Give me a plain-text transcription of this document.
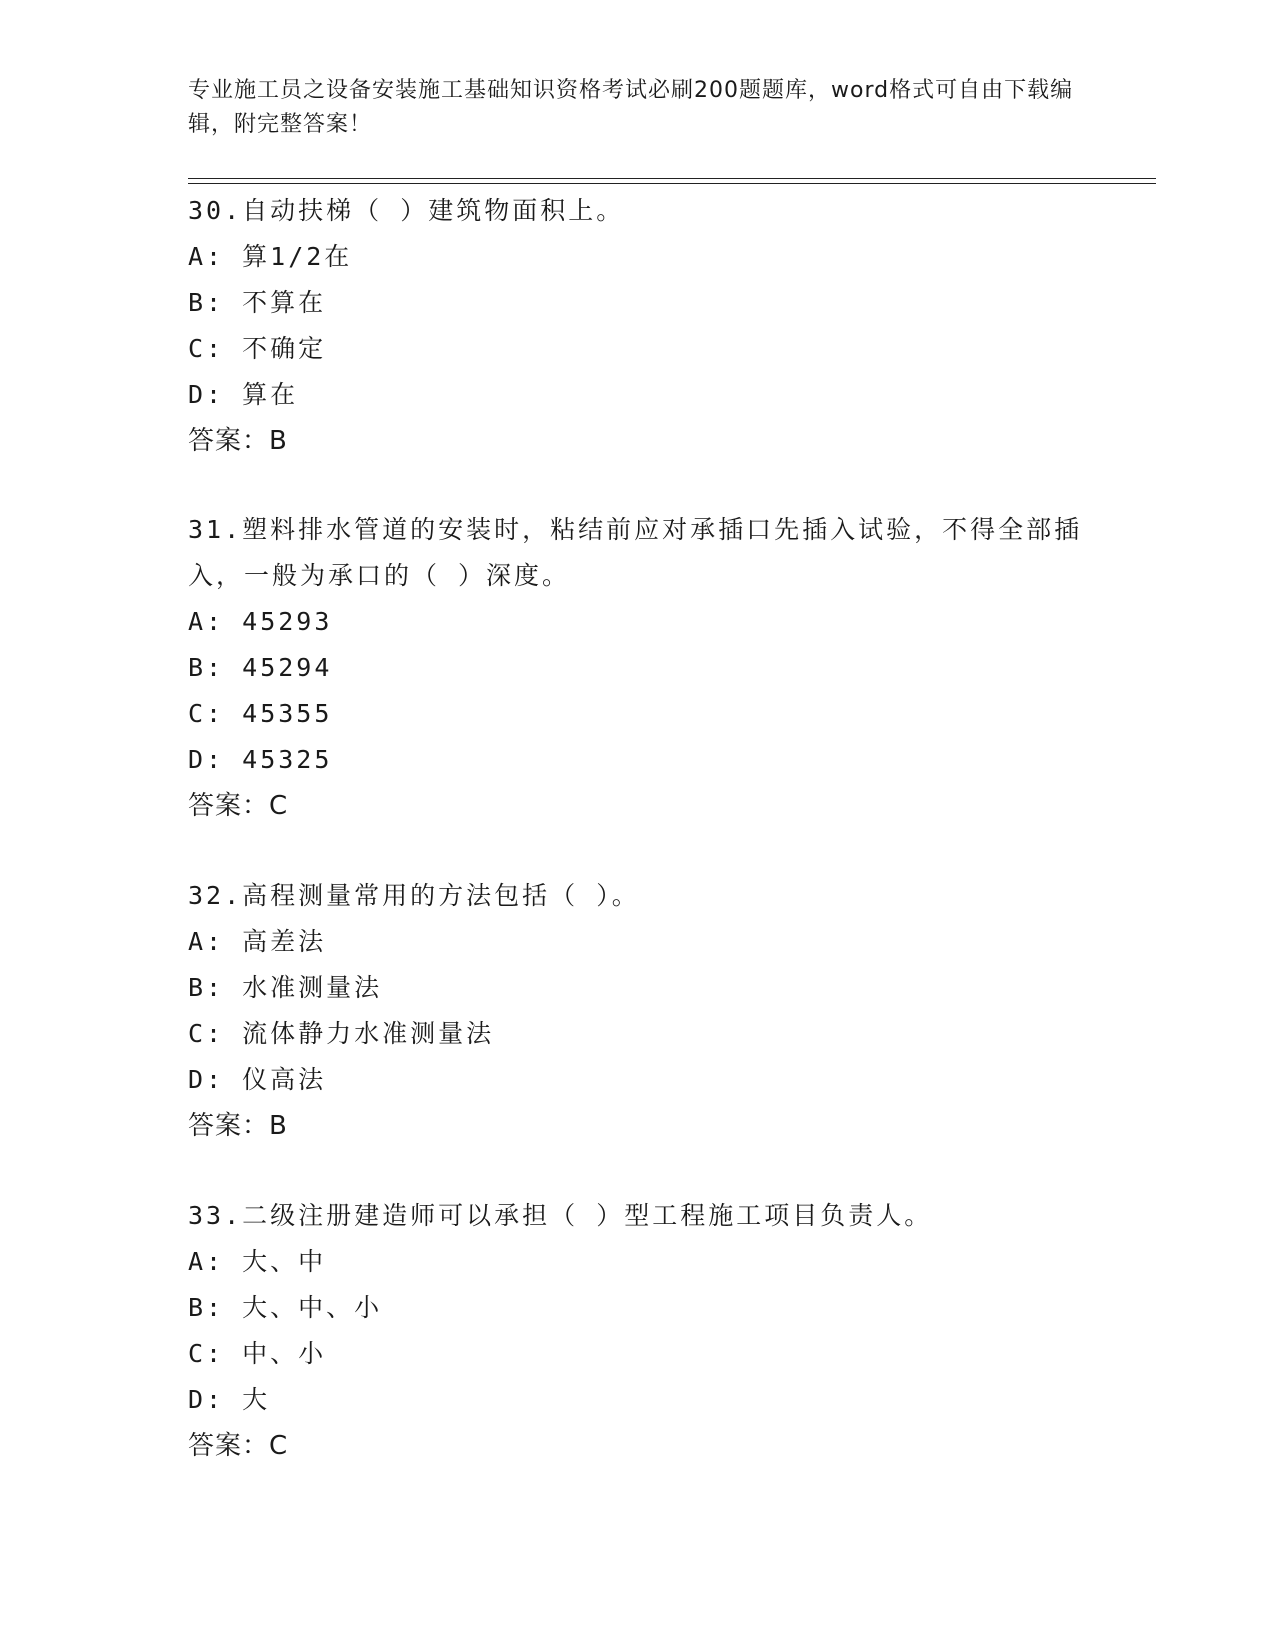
专业施工员之设备安装施工基础知识资格考试必刷200题题库，word格式可自由下载编辑，附完整答案！
30.自动扶梯（ ）建筑物面积上。
A: 算1/2在
B: 不算在
C: 不确定
D: 算在
答案：B
31.塑料排水管道的安装时，粘结前应对承插口先插入试验，不得全部插入，一般为承口的（ ）深度。
A: 45293
B: 45294
C: 45355
D: 45325
答案：C
32.高程测量常用的方法包括（ ）。
A: 高差法
B: 水准测量法
C: 流体静力水准测量法
D: 仪高法
答案：B
33.二级注册建造师可以承担（ ）型工程施工项目负责人。
A: 大、中
B: 大、中、小
C: 中、小
D: 大
答案：C
